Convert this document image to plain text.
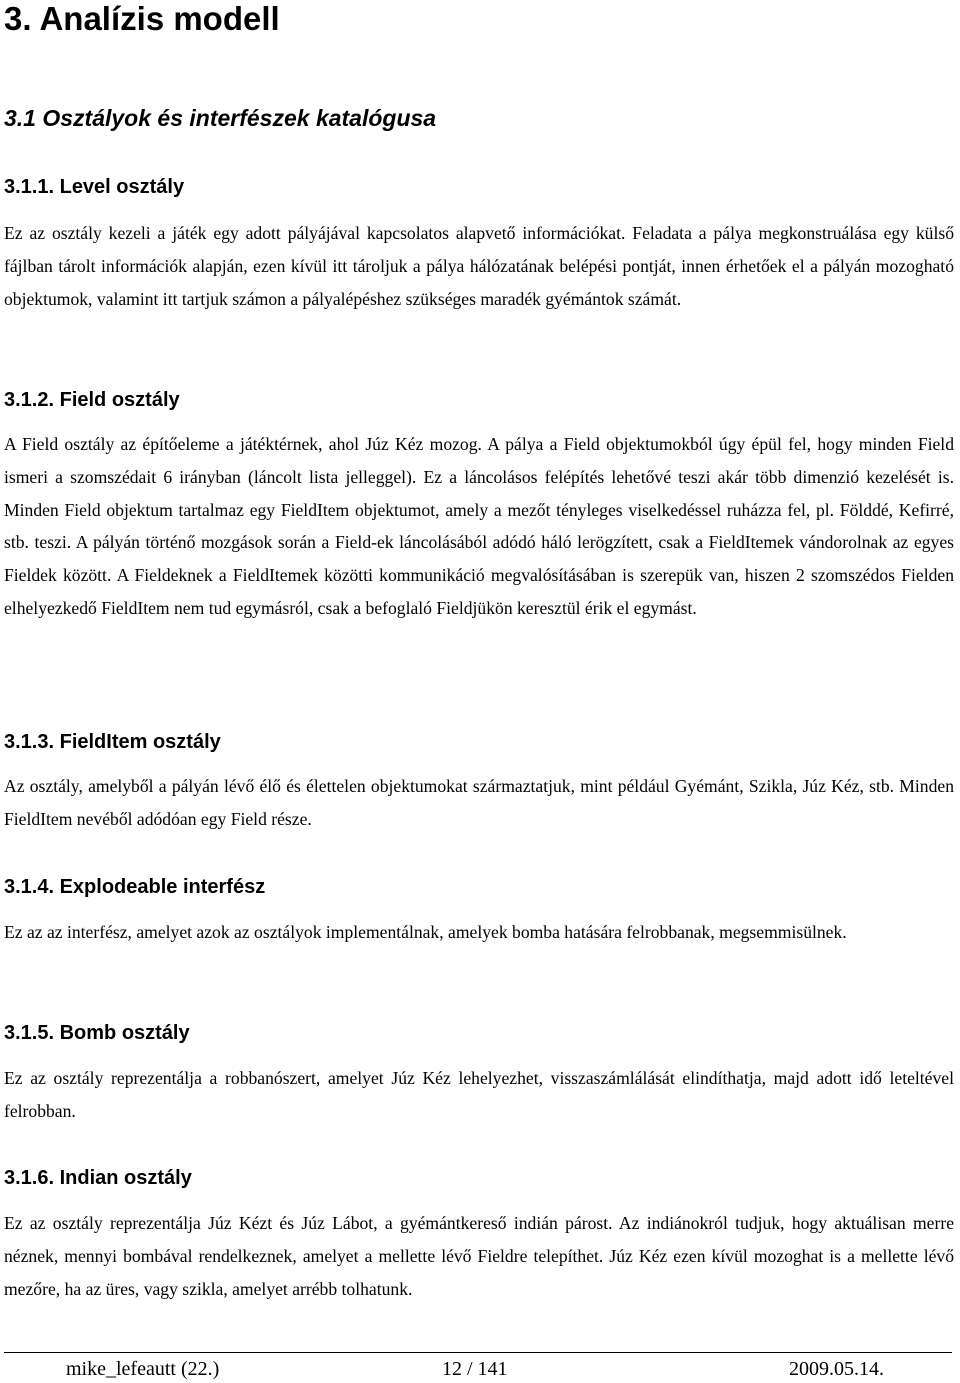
3. Analízis modell
3.1 Osztályok és interfészek katalógusa
3.1.1. Level osztály

Ez az osztály kezeli a játék egy adott pályájával kapcsolatos alapvető információkat. Feladata a pálya megkonstruálása egy külső fájlban tárolt információk alapján, ezen kívül itt tároljuk a pálya hálózatának belépési pontját, innen érhetőek el a pályán mozogható objektumok, valamint itt tartjuk számon a pályalépéshez szükséges maradék gyémántok számát.

3.1.2. Field osztály

A Field osztály az építőeleme a játéktérnek, ahol Júz Kéz mozog. A pálya a Field objektumokból úgy épül fel, hogy minden Field ismeri a szomszédait 6 irányban (láncolt lista jelleggel). Ez a láncolásos felépítés lehetővé teszi akár több dimenzió kezelését is. Minden Field objektum tartalmaz egy FieldItem objektumot, amely a mezőt tényleges viselkedéssel ruházza fel, pl. Földdé, Kefirré, stb. teszi. A pályán történő mozgások során a Field-ek láncolásából adódó háló lerögzített, csak a FieldItemek vándorolnak az egyes Fieldek között. A Fieldeknek a FieldItemek közötti kommunikáció megvalósításában is szerepük van, hiszen 2 szomszédos Fielden elhelyezkedő FieldItem nem tud egymásról, csak a befoglaló Fieldjükön keresztül érik el egymást.

3.1.3. FieldItem osztály

Az osztály, amelyből a pályán lévő élő és élettelen objektumokat származtatjuk, mint például Gyémánt, Szikla, Júz Kéz, stb. Minden FieldItem nevéből adódóan egy Field része.

3.1.4. Explodeable interfész

Ez az az interfész, amelyet azok az osztályok implementálnak, amelyek bomba hatására felrobbanak, megsemmisülnek.

3.1.5. Bomb osztály

Ez az osztály reprezentálja a robbanószert, amelyet Júz Kéz lehelyezhet, visszaszámlálását elindíthatja, majd adott idő leteltével felrobban.

3.1.6. Indian osztály

Ez az osztály reprezentálja Júz Kézt és Júz Lábot, a gyémántkereső indián párost. Az indiánokról tudjuk, hogy aktuálisan merre néznek, mennyi bombával rendelkeznek, amelyet a mellette lévő Fieldre telepíthet. Júz Kéz ezen kívül mozoghat is a mellette lévő mezőre, ha az üres, vagy szikla, amelyet arrébb tolhatunk.

mike_lefeautt (22.)	12 / 141	2009.05.14.
